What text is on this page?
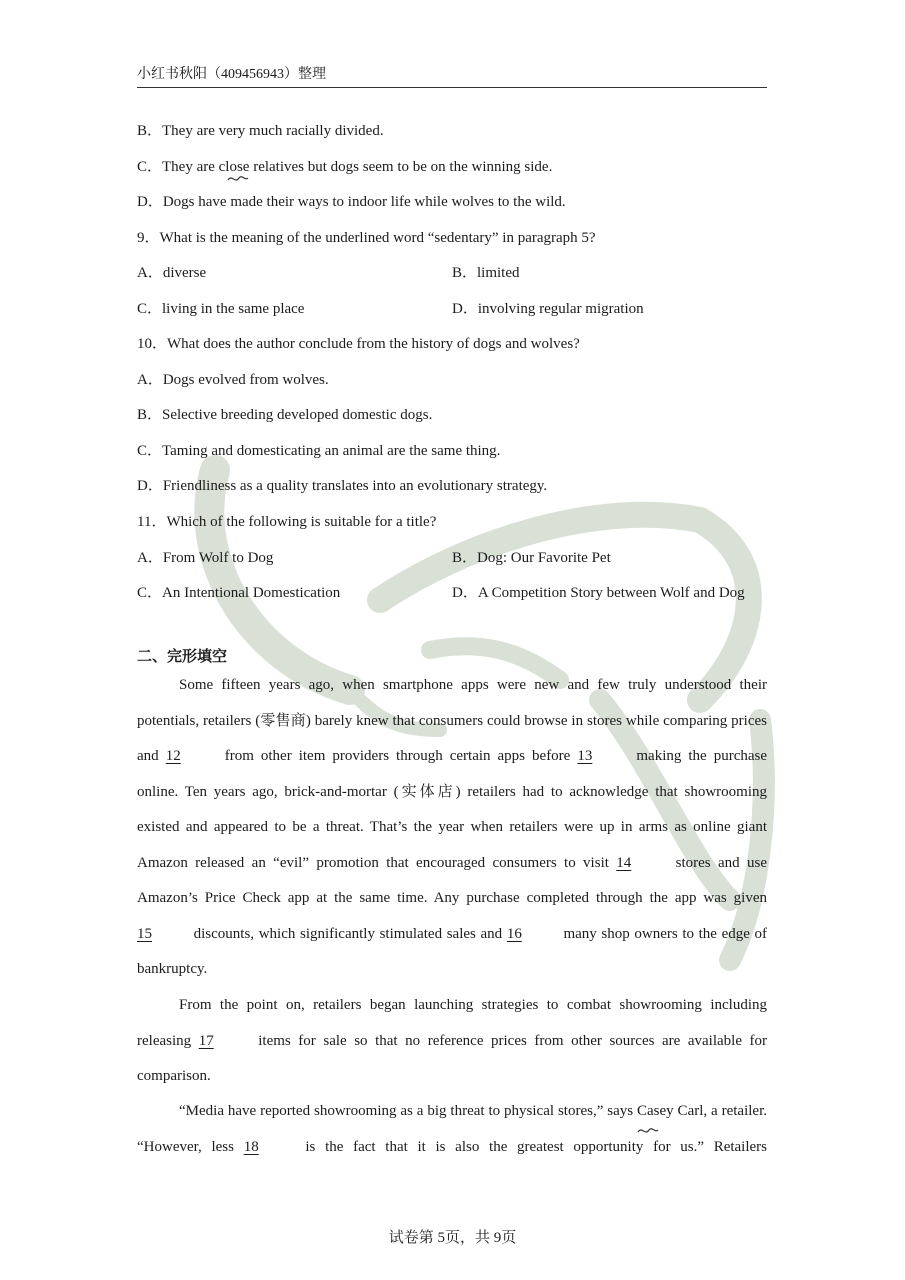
小红书秋阳（409456943）整理
B．They are very much racially divided.
C．They are close relatives but dogs seem to be on the winning side.
D．Dogs have made their ways to indoor life while wolves to the wild.
9．What is the meaning of the underlined word “sedentary” in paragraph 5?
A．diverse	B．limited
C．living in the same place	D．involving regular migration
10．What does the author conclude from the history of dogs and wolves?
A．Dogs evolved from wolves.
B．Selective breeding developed domestic dogs.
C．Taming and domesticating an animal are the same thing.
D．Friendliness as a quality translates into an evolutionary strategy.
11．Which of the following is suitable for a title?
A．From Wolf to Dog	B．Dog: Our Favorite Pet
C．An Intentional Domestication	D．A Competition Story between Wolf and Dog
二、完形填空
Some fifteen years ago, when smartphone apps were new and few truly understood their potentials, retailers (零售商) barely knew that consumers could browse in stores while comparing prices and 12	from other item providers through certain apps before 13	making the purchase online. Ten years ago, brick-and-mortar (实体店) retailers had to acknowledge that showrooming existed and appeared to be a threat. That’s the year when retailers were up in arms as online giant Amazon released an “evil” promotion that encouraged consumers to visit 14	stores and use Amazon’s Price Check app at the same time. Any purchase completed through the app was given 15	discounts, which significantly stimulated sales and 16	many shop owners to the edge of bankruptcy.
From the point on, retailers began launching strategies to combat showrooming including releasing 17	items for sale so that no reference prices from other sources are available for comparison.
“Media have reported showrooming as a big threat to physical stores,” says Casey Carl, a retailer. “However, less 18	is the fact that it is also the greatest opportunity for us.” Retailers
试卷第 5页，共 9页
